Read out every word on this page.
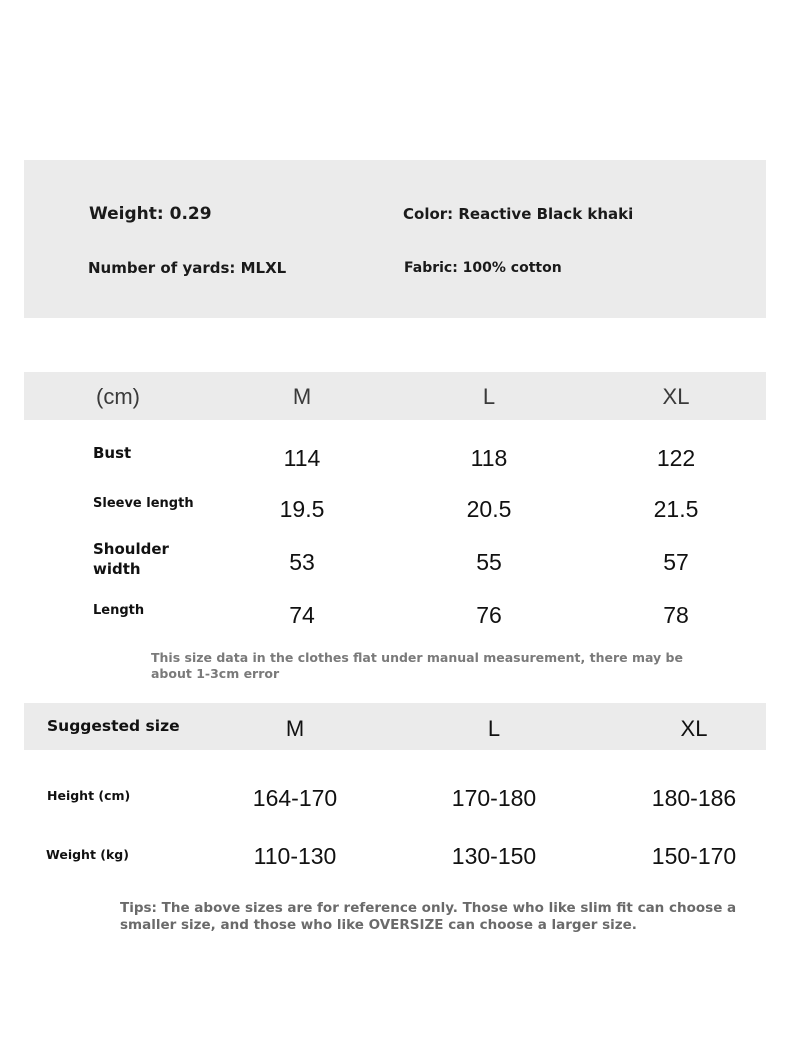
Weight: 0.29	Color: Reactive Black khaki
Number of yards: MLXL	Fabric: 100% cotton
(cm)	M	L	XL
Bust	114	118	122
Sleeve length	19.5	20.5	21.5
Shoulder
width	53	55	57
Length	74	76	78
This size data in the clothes flat under manual measurement, there may be
about 1-3cm error
Suggested size	M	L	XL
Height (cm)	164-170	170-180	180-186
Weight (kg)	110-130	130-150	150-170
Tips: The above sizes are for reference only. Those who like slim fit can choose a
smaller size, and those who like OVERSIZE can choose a larger size.
